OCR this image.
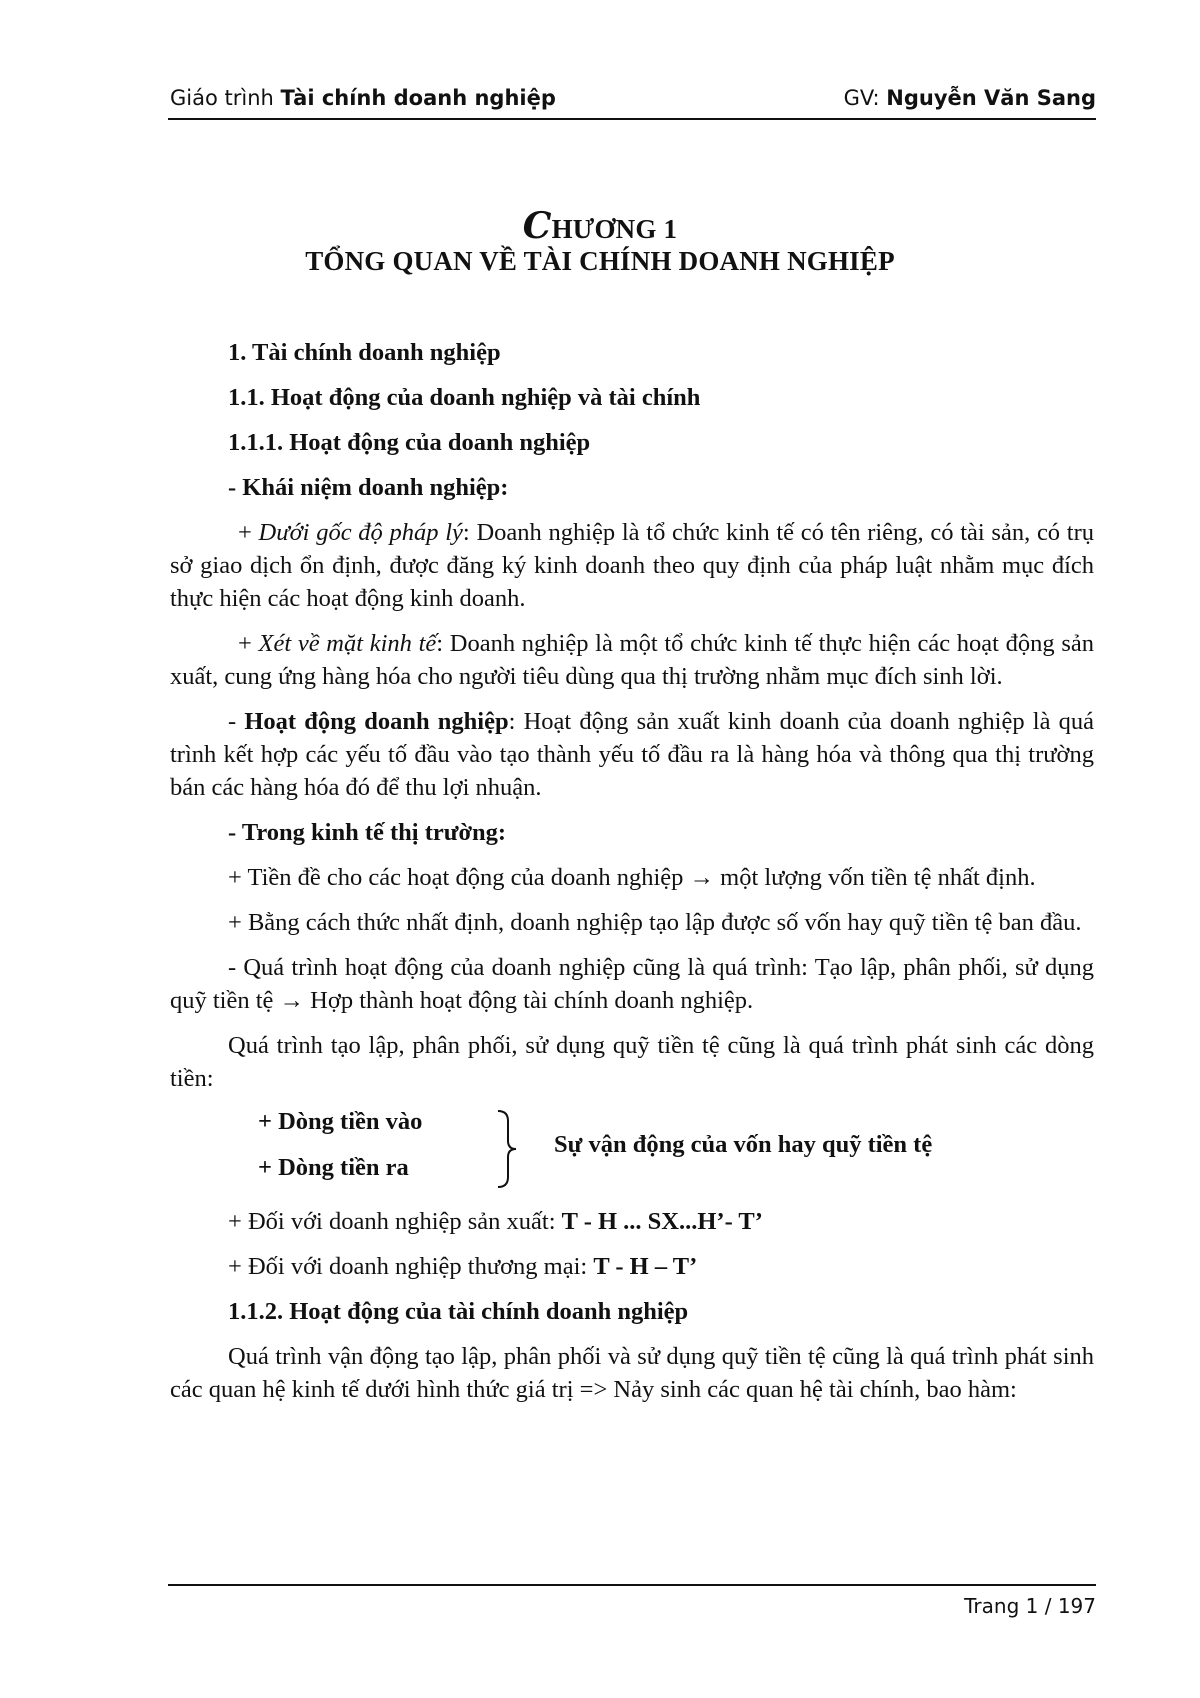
Giáo trình Tài chính doanh nghiệp	GV: Nguyễn Văn Sang
CHƯƠNG 1
TỔNG QUAN VỀ TÀI CHÍNH DOANH NGHIỆP

1. Tài chính doanh nghiệp

1.1. Hoạt động của doanh nghiệp và tài chính

1.1.1. Hoạt động của doanh nghiệp

- Khái niệm doanh nghiệp:

+ Dưới gốc độ pháp lý: Doanh nghiệp là tổ chức kinh tế có tên riêng, có tài sản, có trụ sở giao dịch ổn định, được đăng ký kinh doanh theo quy định của pháp luật nhằm mục đích thực hiện các hoạt động kinh doanh.

+ Xét về mặt kinh tế: Doanh nghiệp là một tổ chức kinh tế thực hiện các hoạt động sản xuất, cung ứng hàng hóa cho người tiêu dùng qua thị trường nhằm mục đích sinh lời.

- Hoạt động doanh nghiệp: Hoạt động sản xuất kinh doanh của doanh nghiệp là quá trình kết hợp các yếu tố đầu vào tạo thành yếu tố đầu ra là hàng hóa và thông qua thị trường bán các hàng hóa đó để thu lợi nhuận.

- Trong kinh tế thị trường:

+ Tiền đề cho các hoạt động của doanh nghiệp → một lượng vốn tiền tệ nhất định.

+ Bằng cách thức nhất định, doanh nghiệp tạo lập được số vốn hay quỹ tiền tệ ban đầu.

- Quá trình hoạt động của doanh nghiệp cũng là quá trình: Tạo lập, phân phối, sử dụng quỹ tiền tệ → Hợp thành hoạt động tài chính doanh nghiệp.

Quá trình tạo lập, phân phối, sử dụng quỹ tiền tệ cũng là quá trình phát sinh các dòng tiền:

+ Dòng tiền vào
+ Dòng tiền ra
Sự vận động của vốn hay quỹ tiền tệ

+ Đối với doanh nghiệp sản xuất: T - H ... SX...H’- T’

+ Đối với doanh nghiệp thương mại: T - H – T’

1.1.2. Hoạt động của tài chính doanh nghiệp

Quá trình vận động tạo lập, phân phối và sử dụng quỹ tiền tệ cũng là quá trình phát sinh các quan hệ kinh tế dưới hình thức giá trị => Nảy sinh các quan hệ tài chính, bao hàm:

Trang 1 / 197
